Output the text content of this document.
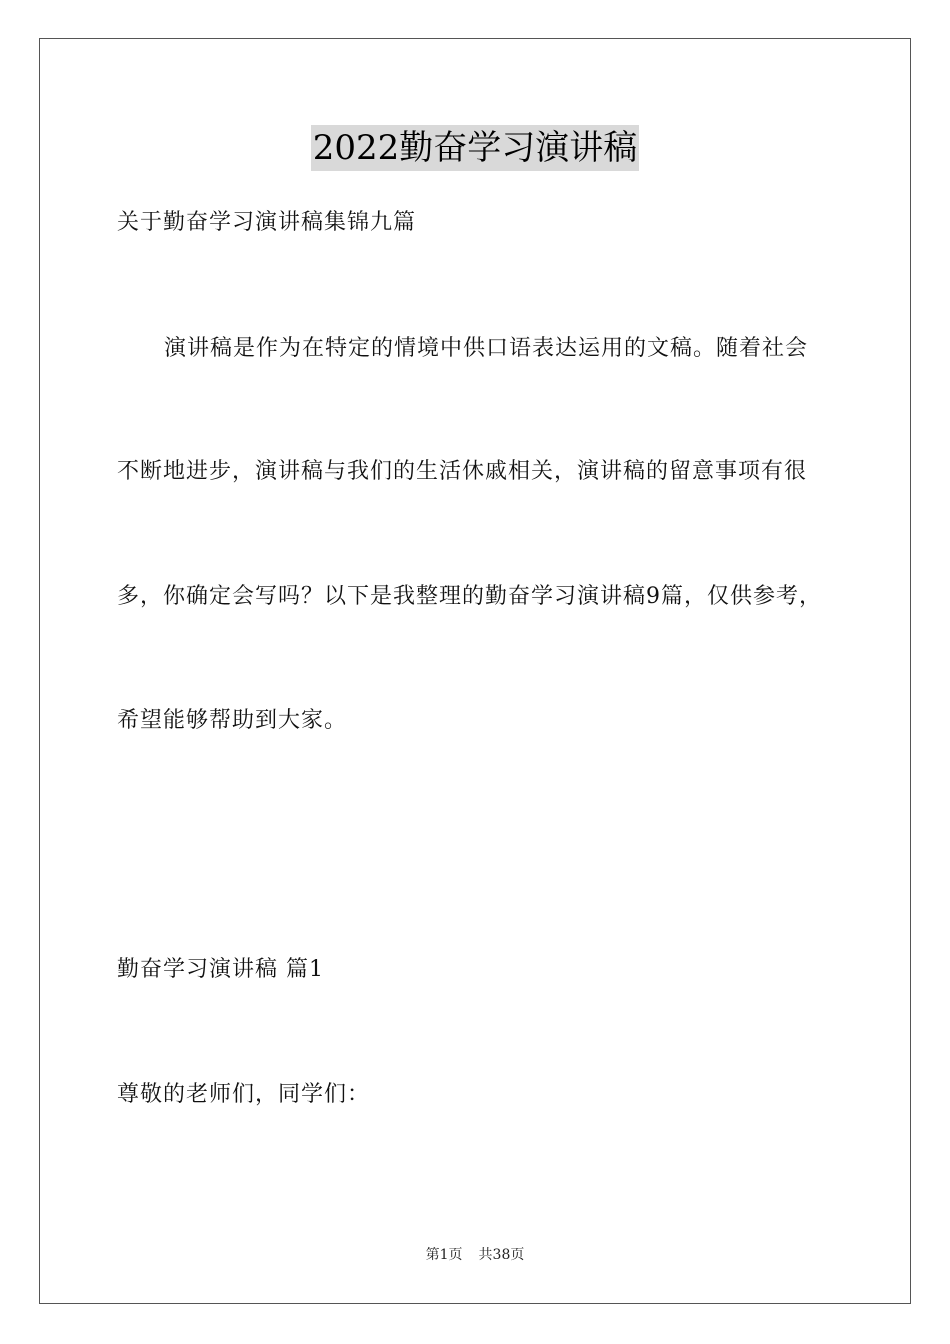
2022勤奋学习演讲稿
关于勤奋学习演讲稿集锦九篇
演讲稿是作为在特定的情境中供口语表达运用的文稿。随着社会
不断地进步，演讲稿与我们的生活休戚相关，演讲稿的留意事项有很
多，你确定会写吗？以下是我整理的勤奋学习演讲稿9篇，仅供参考，
希望能够帮助到大家。
勤奋学习演讲稿 篇1
尊敬的老师们，同学们：
第1页 共38页
